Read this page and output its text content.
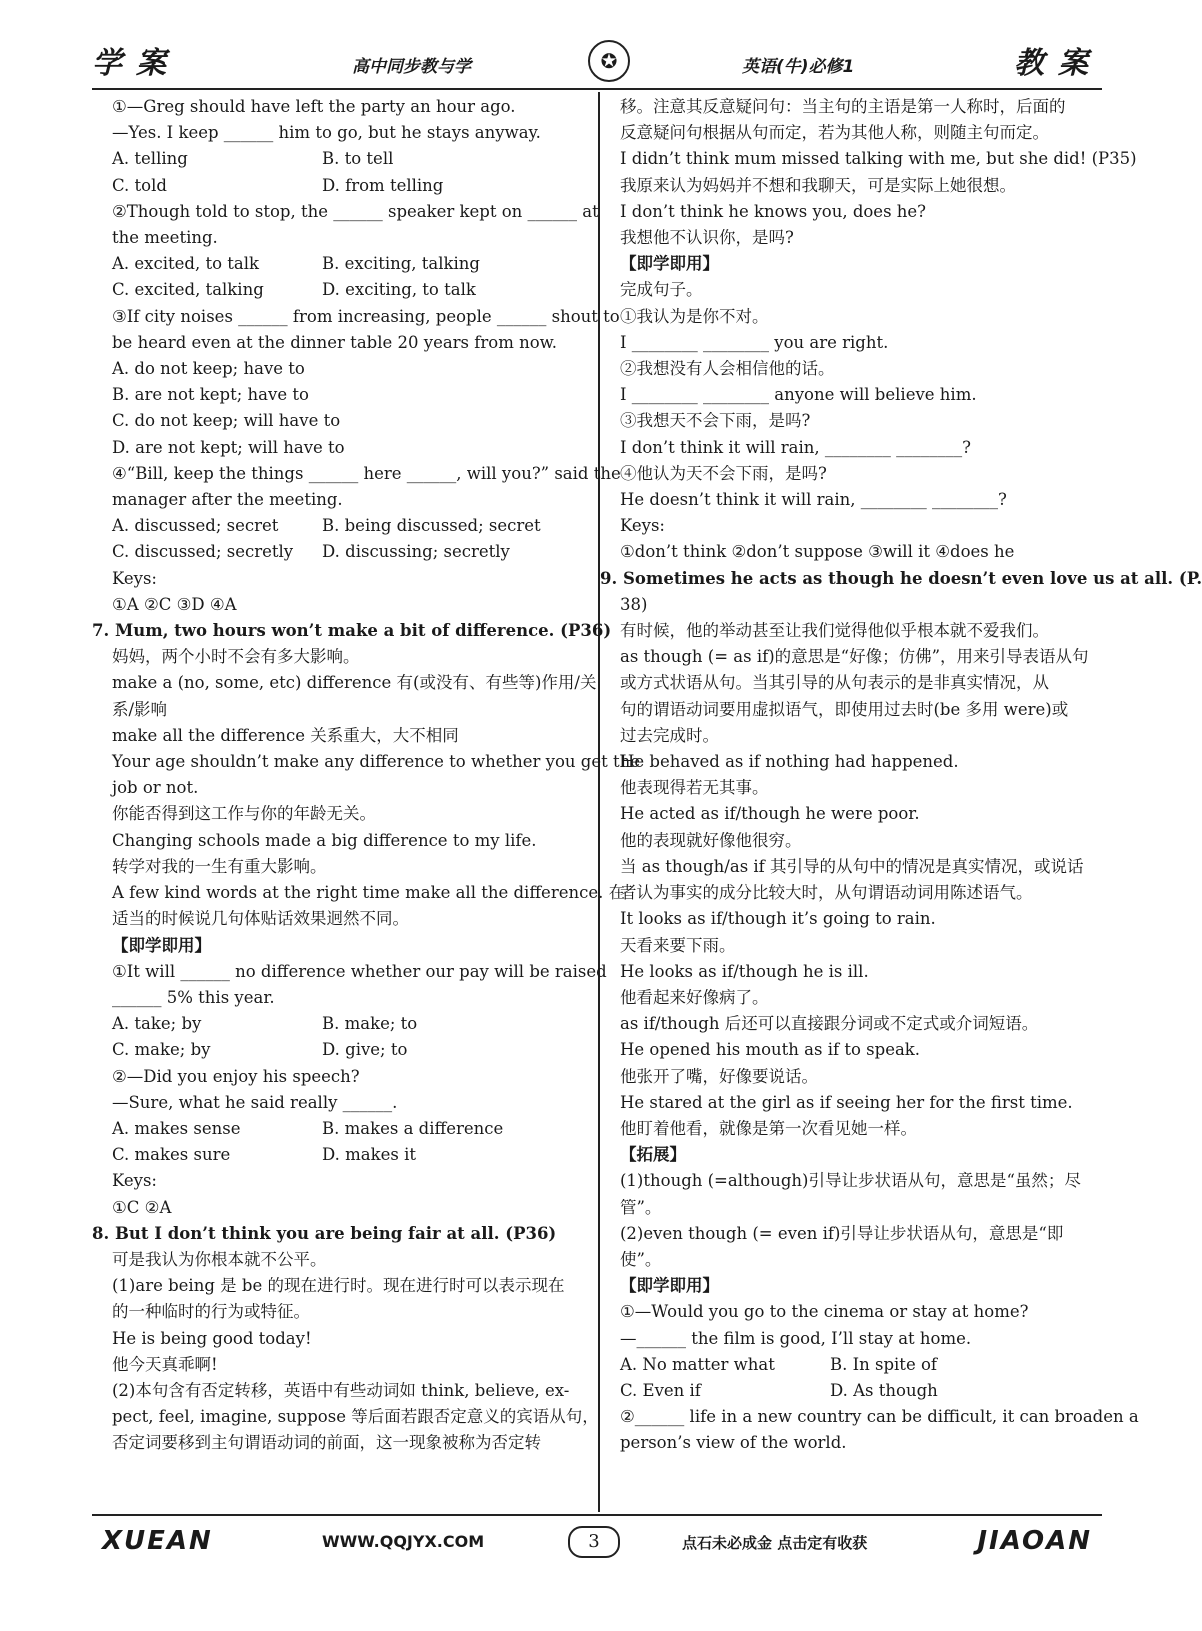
学案	高中同步教与学	✪	英语(牛)必修1	教案

①—Greg should have left the party an hour ago.

—Yes. I keep ______ him to go, but he stays anyway.

A. telling	B. to tell

C. told	D. from telling

②Though told to stop, the ______ speaker kept on ______ at

the meeting.

A. excited, to talk	B. exciting, talking

C. excited, talking	D. exciting, to talk

③If city noises ______ from increasing, people ______ shout to

be heard even at the dinner table 20 years from now.

A. do not keep; have to

B. are not kept; have to

C. do not keep; will have to

D. are not kept; will have to

④“Bill, keep the things ______ here ______, will you?” said the

manager after the meeting.

A. discussed; secret	B. being discussed; secret

C. discussed; secretly D. discussing; secretly

Keys:

①A ②C ③D ④A

7. Mum, two hours won’t make a bit of difference. (P36)

妈妈，两个小时不会有多大影响。

make a (no, some, etc) difference 有(或没有、有些等)作用/关

系/影响

make all the difference 关系重大，大不相同

Your age shouldn’t make any difference to whether you get the

job or not.

你能否得到这工作与你的年龄无关。

Changing schools made a big difference to my life.

转学对我的一生有重大影响。

A few kind words at the right time make all the difference. 在

适当的时候说几句体贴话效果迥然不同。

【即学即用】

①It will ______ no difference whether our pay will be raised

______ 5% this year.

A. take; by	B. make; to

C. make; by	D. give; to

②—Did you enjoy his speech?

—Sure, what he said really ______.

A. makes sense	B. makes a difference

C. makes sure	D. makes it

Keys:

①C ②A

8. But I don’t think you are being fair at all. (P36)

可是我认为你根本就不公平。

(1)are being 是 be 的现在进行时。现在进行时可以表示现在

的一种临时的行为或特征。

He is being good today!

他今天真乖啊!

(2)本句含有否定转移，英语中有些动词如 think, believe, ex-

pect, feel, imagine, suppose 等后面若跟否定意义的宾语从句，

否定词要移到主句谓语动词的前面，这一现象被称为否定转

移。注意其反意疑问句：当主句的主语是第一人称时，后面的

反意疑问句根据从句而定，若为其他人称，则随主句而定。

I didn’t think mum missed talking with me, but she did! (P35)

我原来认为妈妈并不想和我聊天，可是实际上她很想。

I don’t think he knows you, does he?

我想他不认识你，是吗?

【即学即用】

完成句子。

①我认为是你不对。

I ________ ________ you are right.

②我想没有人会相信他的话。

I ________ ________ anyone will believe him.

③我想天不会下雨，是吗?

I don’t think it will rain, ________ ________?

④他认为天不会下雨，是吗?

He doesn’t think it will rain, ________ ________?

Keys:

①don’t think ②don’t suppose ③will it ④does he

9. Sometimes he acts as though he doesn’t even love us at all. (P.

38)

有时候，他的举动甚至让我们觉得他似乎根本就不爱我们。

as though (= as if)的意思是“好像；仿佛”，用来引导表语从句

或方式状语从句。当其引导的从句表示的是非真实情况，从

句的谓语动词要用虚拟语气，即使用过去时(be 多用 were)或

过去完成时。

He behaved as if nothing had happened.

他表现得若无其事。

He acted as if/though he were poor.

他的表现就好像他很穷。

当 as though/as if 其引导的从句中的情况是真实情况，或说话

者认为事实的成分比较大时，从句谓语动词用陈述语气。

It looks as if/though it’s going to rain.

天看来要下雨。

He looks as if/though he is ill.

他看起来好像病了。

as if/though 后还可以直接跟分词或不定式或介词短语。

He opened his mouth as if to speak.

他张开了嘴，好像要说话。

He stared at the girl as if seeing her for the first time.

他盯着他看，就像是第一次看见她一样。

【拓展】

(1)though (=although)引导让步状语从句，意思是“虽然；尽

管”。

(2)even though (= even if)引导让步状语从句，意思是“即

使”。

【即学即用】

①—Would you go to the cinema or stay at home?

—______ the film is good, I’ll stay at home.

A. No matter what	B. In spite of

C. Even if	D. As though

②______ life in a new country can be difficult, it can broaden a

person’s view of the world.

XUEAN	WWW.QQJYX.COM	3	点石未必成金 点击定有收获	JIAOAN
